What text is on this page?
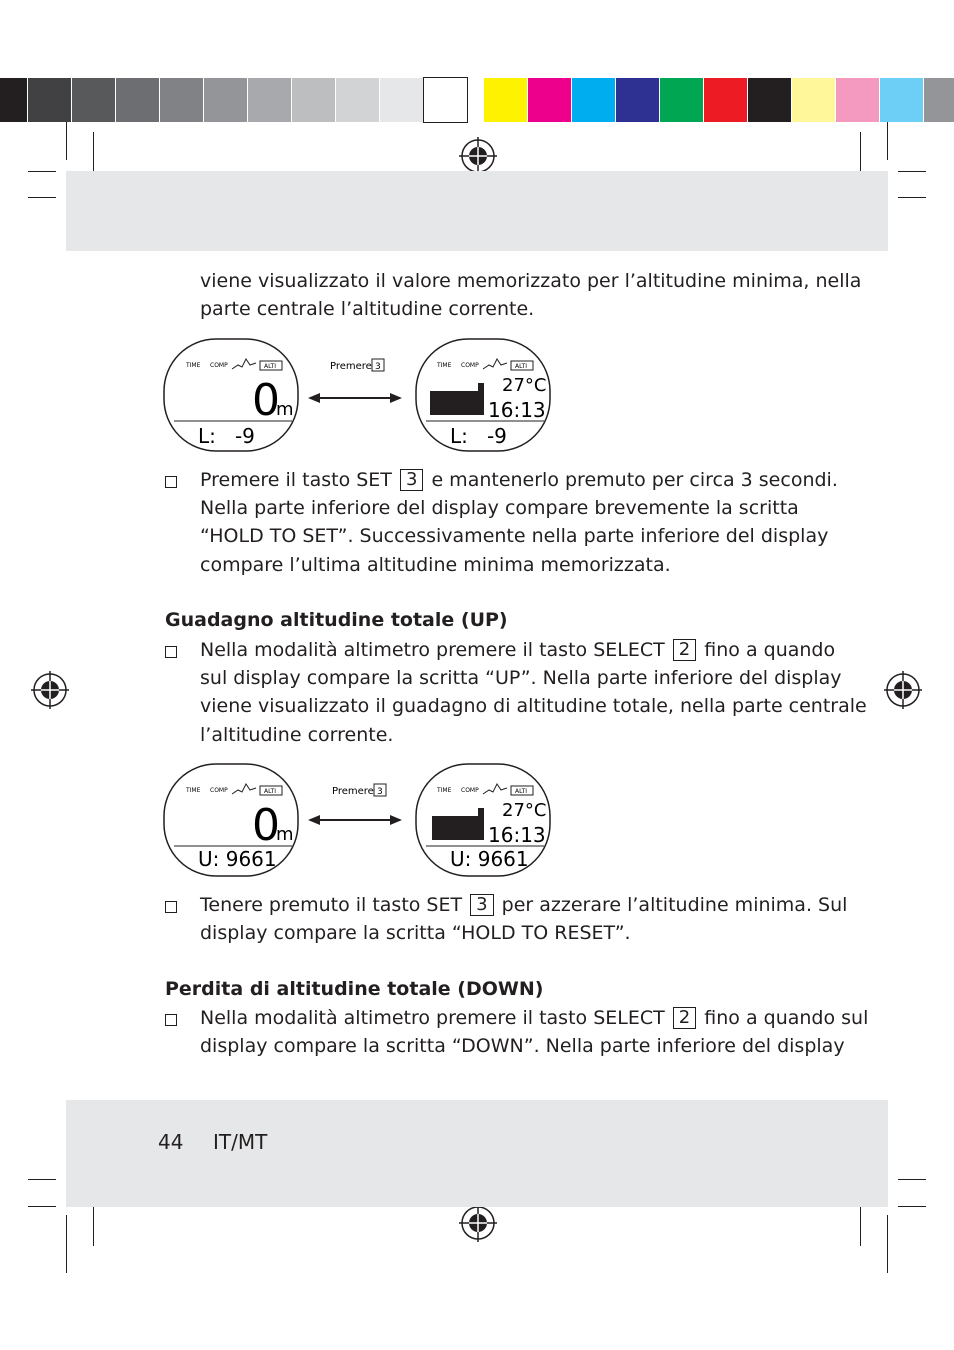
viene visualizzato il valore memorizzato per l’altitudine minima, nella
parte centrale l’altitudine corrente.
TIME COMP	ALTI
0
m
L:   -9
Premere 3	TIME COMP	ALTI
27°C
16:13
L:   -9
Premere il tasto SET 3 e mantenerlo premuto per circa 3 secondi.
Nella parte inferiore del display compare brevemente la scritta
“HOLD TO SET”. Successivamente nella parte inferiore del display
compare l’ultima altitudine minima memorizzata.
Guadagno altitudine totale (UP)
Nella modalità altimetro premere il tasto SELECT 2 fino a quando
sul display compare la scritta “UP”. Nella parte inferiore del display
viene visualizzato il guadagno di altitudine totale, nella parte centrale
l’altitudine corrente.
TIME COMP	ALTI
0
m
U: 9661
Premere 3	TIME COMP	ALTI
27°C
16:13
U: 9661
Tenere premuto il tasto SET 3 per azzerare l’altitudine minima. Sul
display compare la scritta “HOLD TO RESET”.
Perdita di altitudine totale (DOWN)
Nella modalità altimetro premere il tasto SELECT 2 fino a quando sul
display compare la scritta “DOWN”. Nella parte inferiore del display
44 IT/MT
